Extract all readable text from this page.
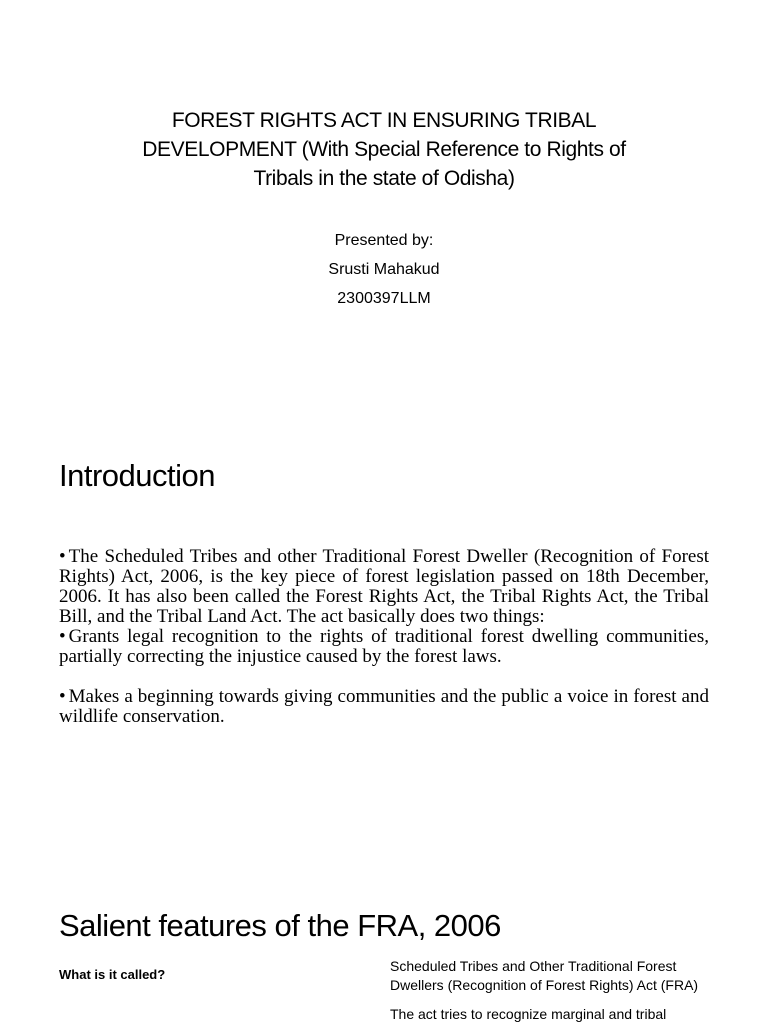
FOREST RIGHTS ACT IN ENSURING TRIBAL
DEVELOPMENT (With Special Reference to Rights of
Tribals in the state of Odisha)
Presented by:
Srusti Mahakud
2300397LLM
Introduction

• The Scheduled Tribes and other Traditional Forest Dweller (Recognition of Forest Rights) Act, 2006, is the key piece of forest legislation passed on 18th December, 2006. It has also been called the Forest Rights Act, the Tribal Rights Act, the Tribal Bill, and the Tribal Land Act. The act basically does two things:

• Grants legal recognition to the rights of traditional forest dwelling communities, partially correcting the injustice caused by the forest laws.

• Makes a beginning towards giving communities and the public a voice in forest and wildlife conservation.

Salient features of the FRA, 2006
What is it called?
Scheduled Tribes and Other Traditional Forest Dwellers (Recognition of Forest Rights) Act (FRA)
The act tries to recognize marginal and tribal
